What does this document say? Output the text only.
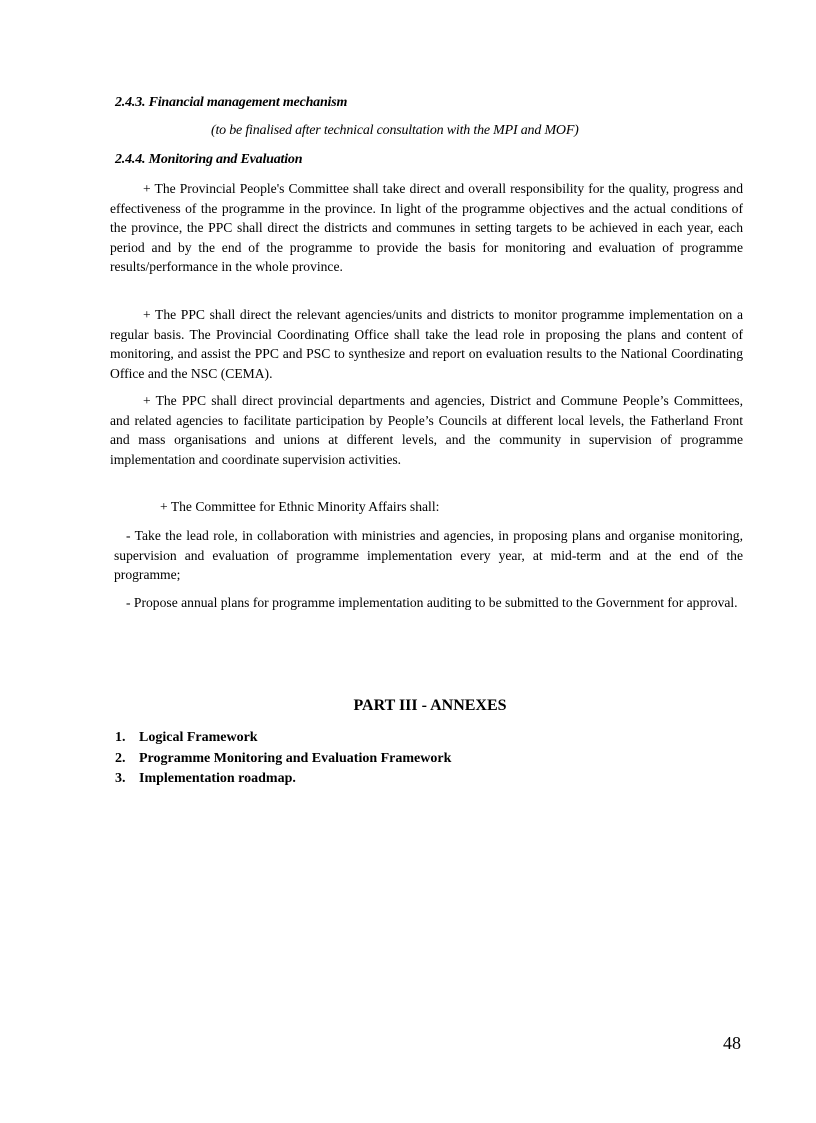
2.4.3. Financial management mechanism
(to be finalised after technical consultation with the MPI and MOF)
2.4.4. Monitoring and Evaluation
+ The Provincial People's Committee shall take direct and overall responsibility for the quality, progress and effectiveness of the programme in the province. In light of the programme objectives and the actual conditions of the province, the PPC shall direct the districts and communes in setting targets to be achieved in each year, each period and by the end of the programme to provide the basis for monitoring and evaluation of programme results/performance in the whole province.
+ The PPC shall direct the relevant agencies/units and districts to monitor programme implementation on a regular basis. The Provincial Coordinating Office shall take the lead role in proposing the plans and content of monitoring, and assist the PPC and PSC to synthesize and report on evaluation results to the National Coordinating Office and the NSC (CEMA).
+ The PPC shall direct provincial departments and agencies, District and Commune People’s Committees, and related agencies to facilitate participation by People’s Councils at different local levels, the Fatherland Front and mass organisations and unions at different levels, and the community in supervision of programme implementation and coordinate supervision activities.
+ The Committee for Ethnic Minority Affairs shall:
- Take the lead role, in collaboration with ministries and agencies, in proposing plans and organise monitoring, supervision and evaluation of programme implementation every year, at mid-term and at the end of the programme;
- Propose annual plans for programme implementation auditing to be submitted to the Government for approval.
PART III - ANNEXES
1. Logical Framework
2. Programme Monitoring and Evaluation Framework
3. Implementation roadmap.
48
